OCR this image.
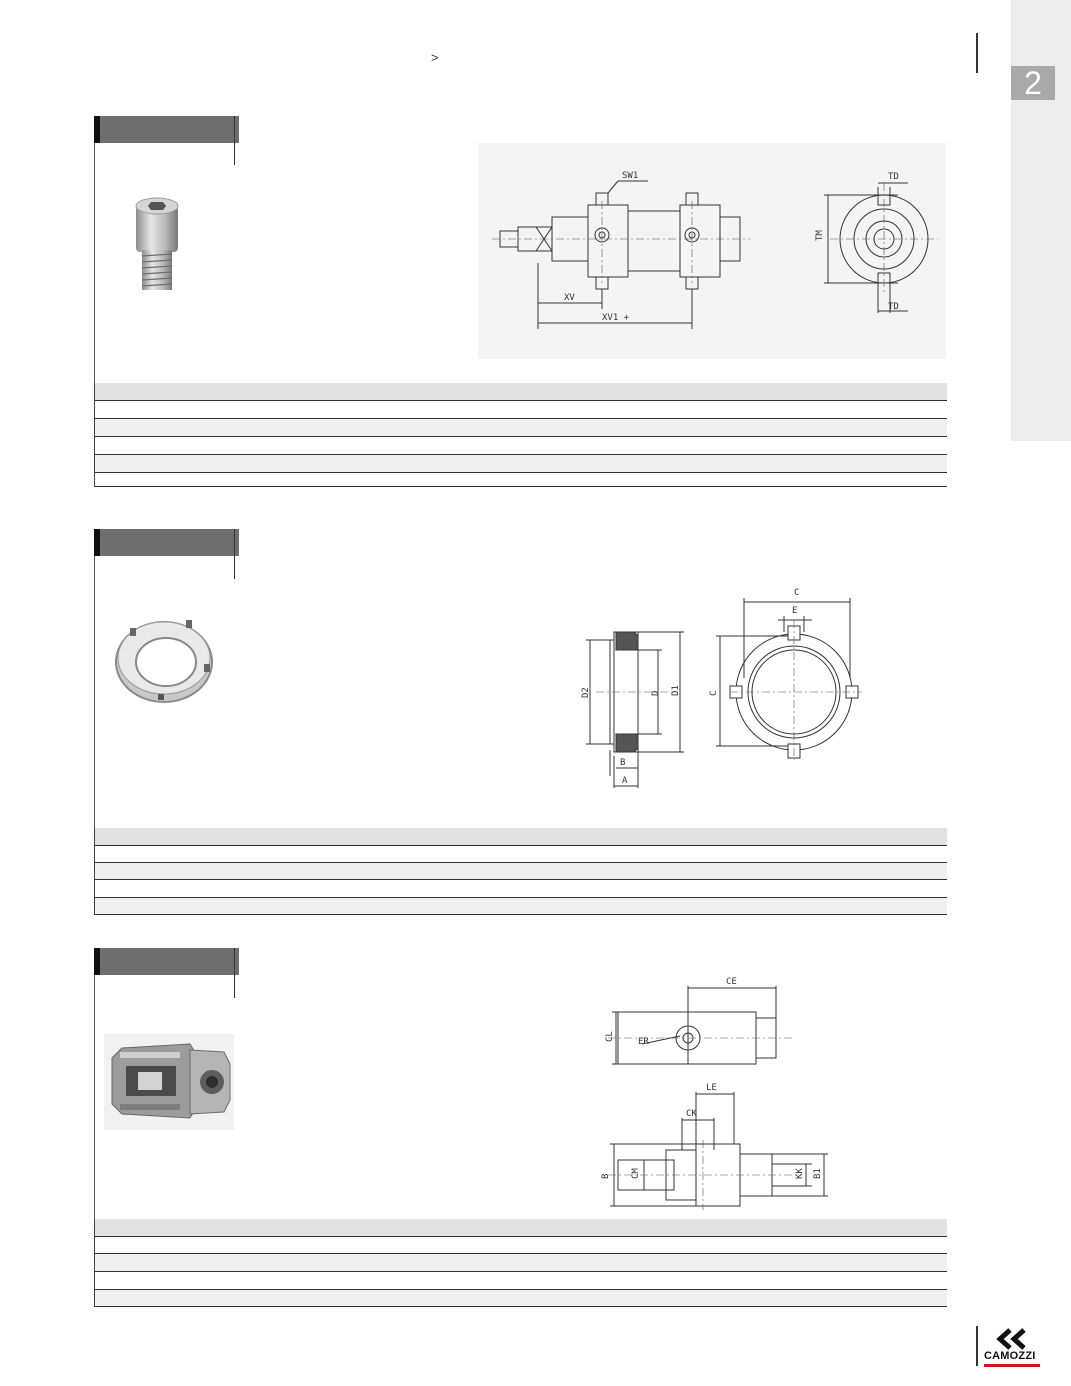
2
>
SW1
XV
XV1 +
TM
TD
TD
C
E
C
D2	D D1
B
A
CE
CL	ER
LE
CK
B CM	KK B1
CAMOZZI
